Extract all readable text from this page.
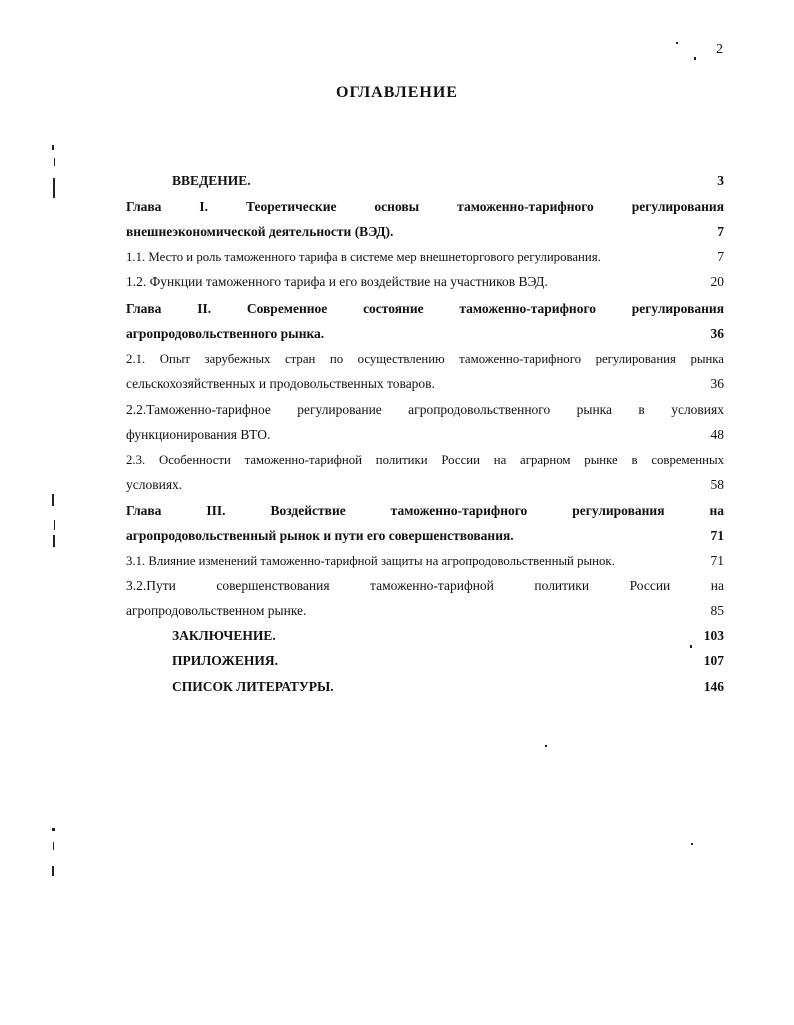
2
ОГЛАВЛЕНИЕ
ВВЕДЕНИЕ.	3
Глава I. Теоретические основы таможенно-тарифного регулирования
внешнеэкономической деятельности (ВЭД).	7
1.1. Место и роль таможенного тарифа в системе мер внешнеторгового регулирования.	7
1.2. Функции таможенного тарифа и его воздействие на участников ВЭД.	20
Глава II. Современное состояние таможенно-тарифного регулирования
агропродовольственного рынка.	36
2.1. Опыт зарубежных стран по осуществлению таможенно-тарифного регулирования рынка
сельскохозяйственных и продовольственных товаров.	36
2.2.Таможенно-тарифное регулирование агропродовольственного рынка в условиях
функционирования ВТО.	48
2.3. Особенности таможенно-тарифной политики России на аграрном рынке в современных
условиях.	58
Глава III. Воздействие таможенно-тарифного регулирования на
агропродовольственный рынок и пути его совершенствования.	71
3.1. Влияние изменений таможенно-тарифной защиты на агропродовольственный рынок.	71
3.2.Пути совершенствования таможенно-тарифной политики России на
агропродовольственном рынке.	85
ЗАКЛЮЧЕНИЕ.	103
ПРИЛОЖЕНИЯ.	107
СПИСОК ЛИТЕРАТУРЫ.	146
